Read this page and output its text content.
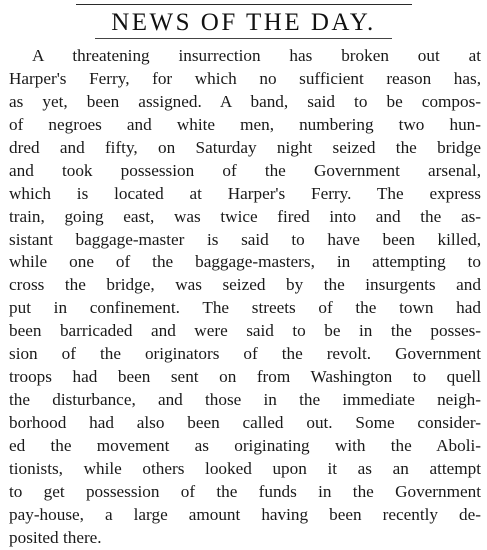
NEWS OF THE DAY.
A threatening insurrection has broken out at
Harper's Ferry, for which no sufficient reason has,
as yet, been assigned. A band, said to be compos-
of negroes and white men, numbering two hun-
dred and fifty, on Saturday night seized the bridge
and took possession of the Government arsenal,
which is located at Harper's Ferry. The express
train, going east, was twice fired into and the as-
sistant baggage-master is said to have been killed,
while one of the baggage-masters, in attempting to
cross the bridge, was seized by the insurgents and
put in confinement. The streets of the town had
been barricaded and were said to be in the posses-
sion of the originators of the revolt. Government
troops had been sent on from Washington to quell
the disturbance, and those in the immediate neigh-
borhood had also been called out. Some consider-
ed the movement as originating with the Aboli-
tionists, while others looked upon it as an attempt
to get possession of the funds in the Government
pay-house, a large amount having been recently de-
posited there.
